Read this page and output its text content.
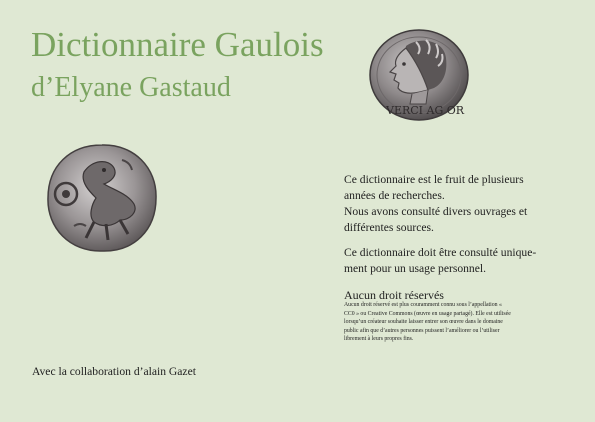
Dictionnaire Gaulois
d’Elyane Gastaud
VERCI AG OR

Ce dictionnaire est le fruit de plusieurs
années de recherches.

Nous avons consulté divers ouvrages et
différentes sources.

Ce dictionnaire doit être consulté unique-
ment pour un usage personnel.
Aucun droit réservés
Aucun droit réservé est plus couramment connu sous l’appellation «
CC0 » ou Creative Commons (œuvre en usage partagé). Elle est utilisée
lorsqu’un créateur souhaite laisser entrer son œuvre dans le domaine
public afin que d’autres personnes puissent l’améliorer ou l’utiliser
librement à leurs propres fins.
Avec la collaboration d’alain Gazet
